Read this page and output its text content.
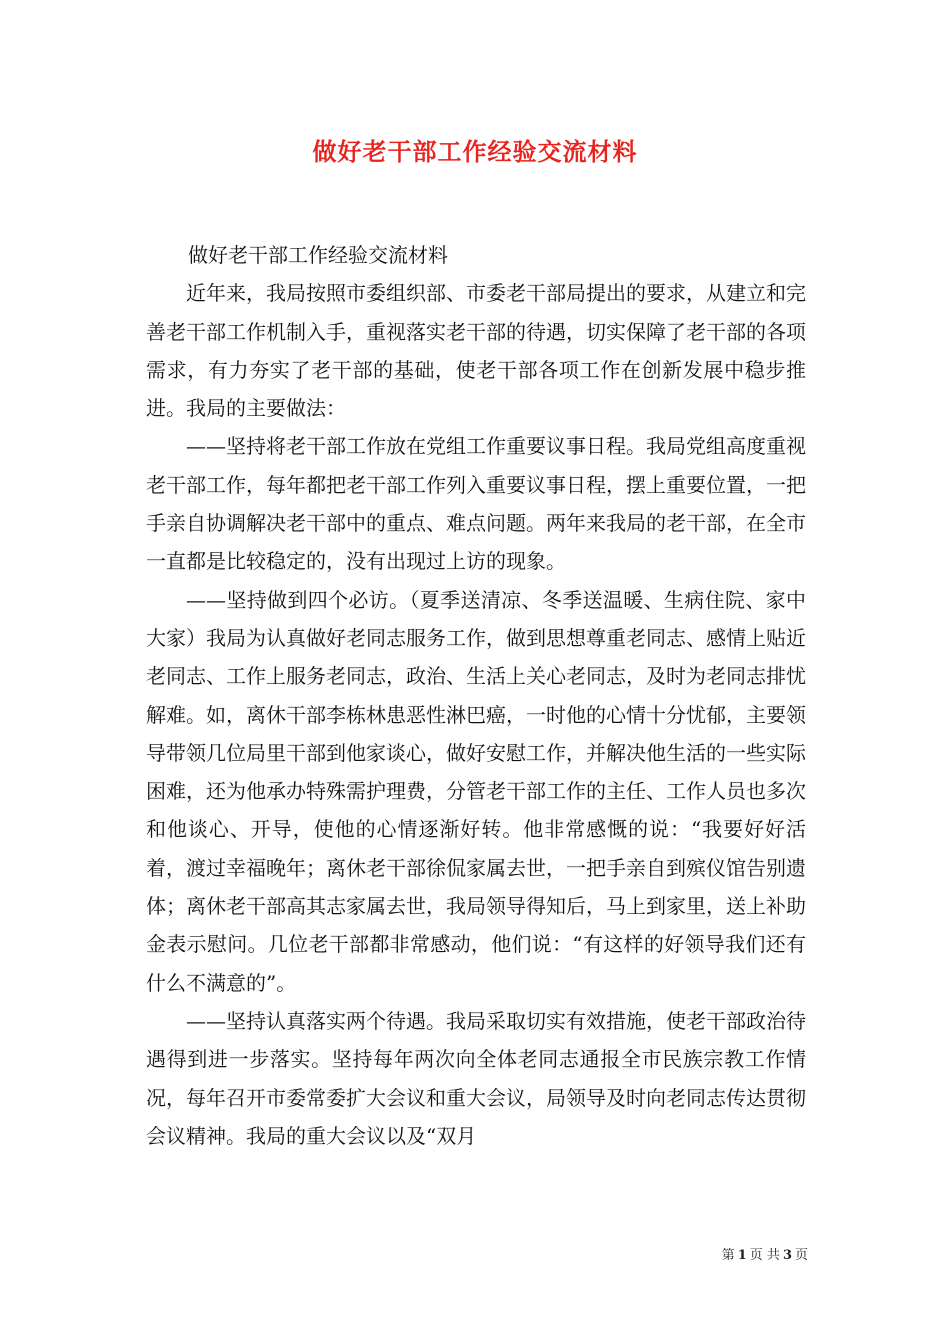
做好老干部工作经验交流材料

做好老干部工作经验交流材料

近年来，我局按照市委组织部、市委老干部局提出的要求，从建立和完善老干部工作机制入手，重视落实老干部的待遇，切实保障了老干部的各项需求，有力夯实了老干部的基础，使老干部各项工作在创新发展中稳步推进。我局的主要做法：

——坚持将老干部工作放在党组工作重要议事日程。我局党组高度重视老干部工作，每年都把老干部工作列入重要议事日程，摆上重要位置，一把手亲自协调解决老干部中的重点、难点问题。两年来我局的老干部，在全市一直都是比较稳定的，没有出现过上访的现象。

——坚持做到四个必访。（夏季送清凉、冬季送温暖、生病住院、家中大家）我局为认真做好老同志服务工作，做到思想尊重老同志、感情上贴近老同志、工作上服务老同志，政治、生活上关心老同志，及时为老同志排忧解难。如，离休干部李栋林患恶性淋巴癌，一时他的心情十分忧郁，主要领导带领几位局里干部到他家谈心，做好安慰工作，并解决他生活的一些实际困难，还为他承办特殊需护理费，分管老干部工作的主任、工作人员也多次和他谈心、开导，使他的心情逐渐好转。他非常感慨的说：“我要好好活着，渡过幸福晚年；离休老干部徐侃家属去世，一把手亲自到殡仪馆告别遗体；离休老干部高其志家属去世，我局领导得知后，马上到家里，送上补助金表示慰问。几位老干部都非常感动，他们说：“有这样的好领导我们还有什么不满意的”。

——坚持认真落实两个待遇。我局采取切实有效措施，使老干部政治待遇得到进一步落实。坚持每年两次向全体老同志通报全市民族宗教工作情况，每年召开市委常委扩大会议和重大会议，局领导及时向老同志传达贯彻会议精神。我局的重大会议以及“双月

第 1 页 共 3 页
